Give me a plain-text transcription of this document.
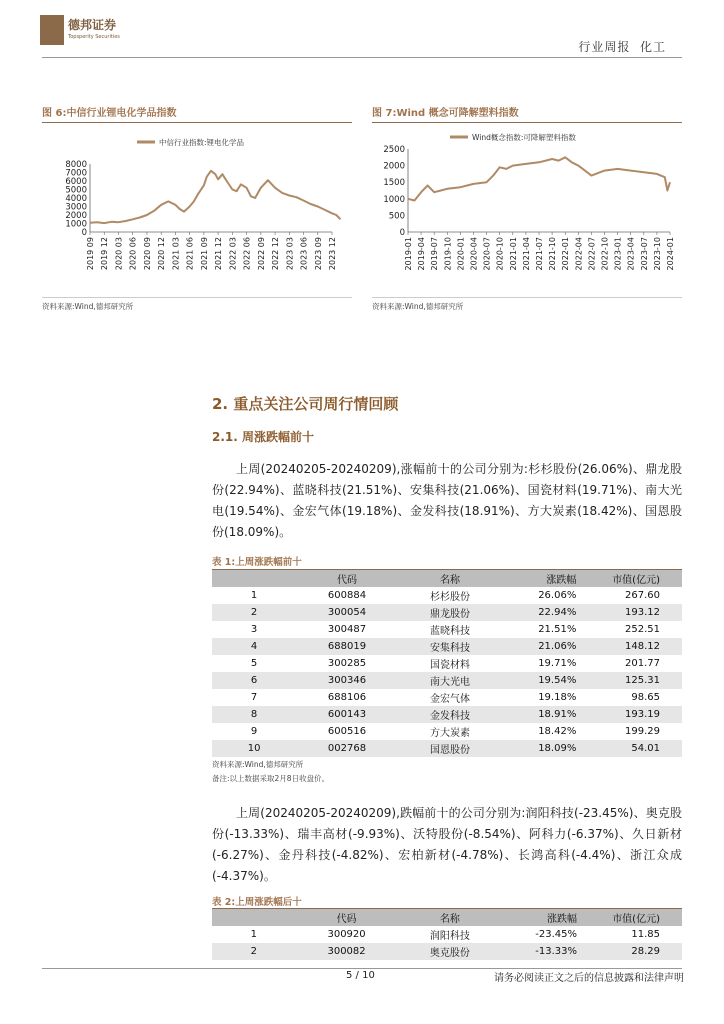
德邦证券
Topsperity Securities
行业周报 化工
图 6:中信行业锂电化学品指数
中信行业指数:锂电化学品
8000
7000
6000
5000
4000
3000
2000
1000
0
2019 09 2019 12 2020 03 2020 06 2020 09 2020 12 2021 03 2021 06 2021 09 2021 12 2022 03 2022 06 2022 09 2022 12 2023 03 2023 06 2023 09 2023 12
资料来源:Wind,德邦研究所
图 7:Wind 概念可降解塑料指数
Wind概念指数:可降解塑料指数
2500
2000
1500
1000
500
0
2019-01 2019-04 2019-07 2019-10 2020-01 2020-04 2020-07 2020-10 2021-01 2021-04 2021-07 2021-10 2022-01 2022-04 2022-07 2022-10 2023-01 2023-04 2023-07 2023-10 2024-01
资料来源:Wind,德邦研究所
2. 重点关注公司周行情回顾
2.1. 周涨跌幅前十
上周(20240205-20240209),涨幅前十的公司分别为:杉杉股份(26.06%)、鼎龙股份(22.94%)、蓝晓科技(21.51%)、安集科技(21.06%)、国瓷材料(19.71%)、南大光电(19.54%)、金宏气体(19.18%)、金发科技(18.91%)、方大炭素(18.42%)、国恩股份(18.09%)。
表 1:上周涨跌幅前十
	代码	名称	涨跌幅	市值(亿元)
1	600884	杉杉股份	26.06%	267.60
2	300054	鼎龙股份	22.94%	193.12
3	300487	蓝晓科技	21.51%	252.51
4	688019	安集科技	21.06%	148.12
5	300285	国瓷材料	19.71%	201.77
6	300346	南大光电	19.54%	125.31
7	688106	金宏气体	19.18%	98.65
8	600143	金发科技	18.91%	193.19
9	600516	方大炭素	18.42%	199.29
10	002768	国恩股份	18.09%	54.01
资料来源:Wind,德邦研究所
备注:以上数据采取2月8日收盘价。
上周(20240205-20240209),跌幅前十的公司分别为:润阳科技(-23.45%)、奥克股份(-13.33%)、瑞丰高材(-9.93%)、沃特股份(-8.54%)、阿科力(-6.37%)、久日新材(-6.27%)、金丹科技(-4.82%)、宏柏新材(-4.78%)、长鸿高科(-4.4%)、浙江众成(-4.37%)。
表 2:上周涨跌幅后十
	代码	名称	涨跌幅	市值(亿元)
1	300920	润阳科技	-23.45%	11.85
2	300082	奥克股份	-13.33%	28.29
5 / 10	请务必阅读正文之后的信息披露和法律声明
